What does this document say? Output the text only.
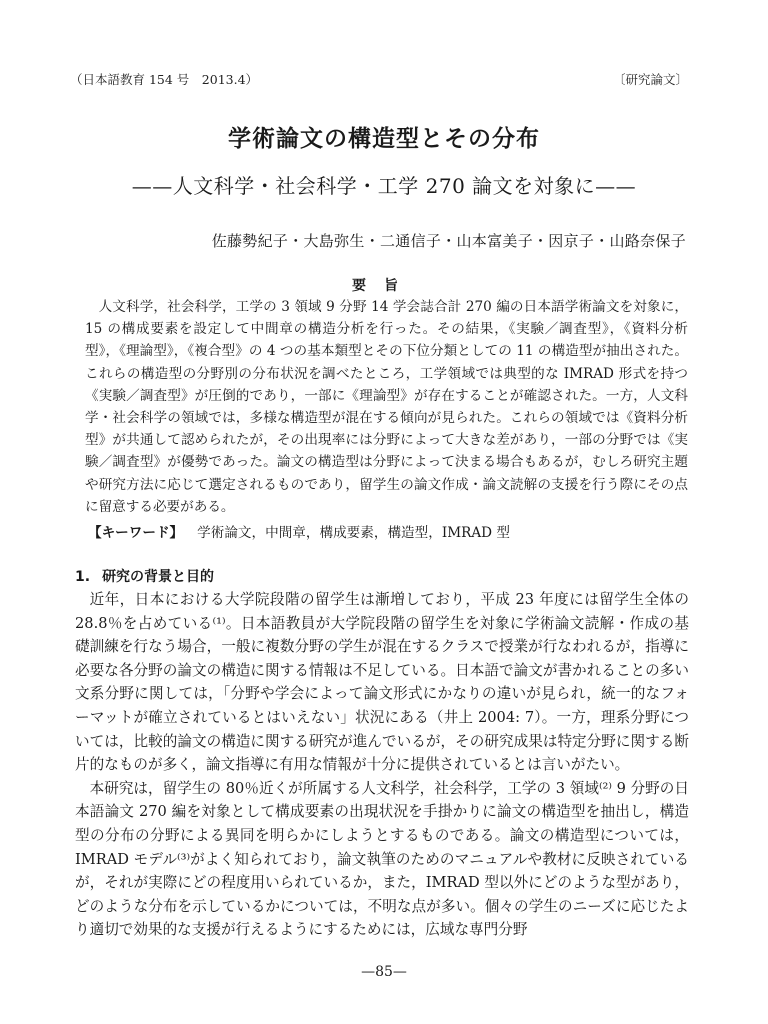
（日本語教育 154 号　2013.4）	〔研究論文〕
学術論文の構造型とその分布
——人文科学・社会科学・工学 270 論文を対象に——
佐藤勢紀子・大島弥生・二通信子・山本富美子・因京子・山路奈保子
要旨

人文科学，社会科学，工学の 3 領域 9 分野 14 学会誌合計 270 編の日本語学術論文を対象に，15 の構成要素を設定して中間章の構造分析を行った。その結果，《実験／調査型》，《資料分析型》，《理論型》，《複合型》の 4 つの基本類型とその下位分類としての 11 の構造型が抽出された。これらの構造型の分野別の分布状況を調べたところ，工学領域では典型的な IMRAD 形式を持つ《実験／調査型》が圧倒的であり，一部に《理論型》が存在することが確認された。一方，人文科学・社会科学の領域では，多様な構造型が混在する傾向が見られた。これらの領域では《資料分析型》が共通して認められたが，その出現率には分野によって大きな差があり，一部の分野では《実験／調査型》が優勢であった。論文の構造型は分野によって決まる場合もあるが，むしろ研究主題や研究方法に応じて選定されるものであり，留学生の論文作成・論文読解の支援を行う際にその点に留意する必要がある。

【キーワード】 学術論文，中間章，構成要素，構造型，IMRAD 型
1. 研究の背景と目的

近年，日本における大学院段階の留学生は漸増しており，平成 23 年度には留学生全体の 28.8％を占めている⁽¹⁾。日本語教員が大学院段階の留学生を対象に学術論文読解・作成の基礎訓練を行なう場合，一般に複数分野の学生が混在するクラスで授業が行なわれるが，指導に必要な各分野の論文の構造に関する情報は不足している。日本語で論文が書かれることの多い文系分野に関しては，「分野や学会によって論文形式にかなりの違いが見られ，統一的なフォーマットが確立されているとはいえない」状況にある（井上 2004: 7）。一方，理系分野については，比較的論文の構造に関する研究が進んでいるが，その研究成果は特定分野に関する断片的なものが多く，論文指導に有用な情報が十分に提供されているとは言いがたい。

本研究は，留学生の 80％近くが所属する人文科学，社会科学，工学の 3 領域⁽²⁾ 9 分野の日本語論文 270 編を対象として構成要素の出現状況を手掛かりに論文の構造型を抽出し，構造型の分布の分野による異同を明らかにしようとするものである。論文の構造型については，IMRAD モデル⁽³⁾がよく知られており，論文執筆のためのマニュアルや教材に反映されているが，それが実際にどの程度用いられているか，また，IMRAD 型以外にどのような型があり，どのような分布を示しているかについては，不明な点が多い。個々の学生のニーズに応じたより適切で効果的な支援が行えるようにするためには，広域な専門分野

—85—
